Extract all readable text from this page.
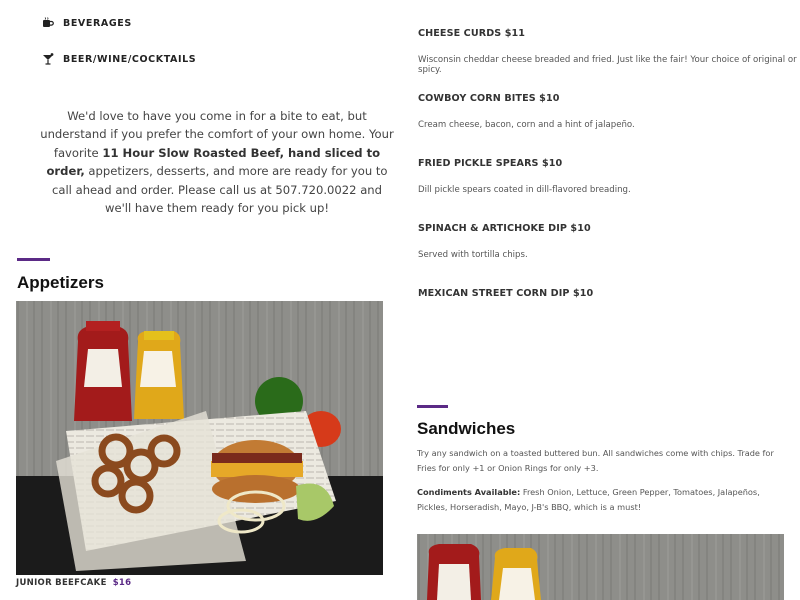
BEVERAGES
BEER/WINE/COCKTAILS
We'd love to have you come in for a bite to eat, but understand if you prefer the comfort of your own home. Your favorite 11 Hour Slow Roasted Beef, hand sliced to order, appetizers, desserts, and more are ready for you to call ahead and order. Please call us at 507.720.0022 and we'll have them ready for you pick up!
Appetizers
JUNIOR BEEFCAKE $16
CHEESE CURDS $11
Wisconsin cheddar cheese breaded and fried. Just like the fair! Your choice of original or spicy.
COWBOY CORN BITES $10
Cream cheese, bacon, corn and a hint of jalapeño.
FRIED PICKLE SPEARS $10
Dill pickle spears coated in dill-flavored breading.
SPINACH & ARTICHOKE DIP $10
Served with tortilla chips.
MEXICAN STREET CORN DIP $10
Sandwiches
Try any sandwich on a toasted buttered bun. All sandwiches come with chips. Trade for Fries for only +1 or Onion Rings for only +3.
Condiments Available: Fresh Onion, Lettuce, Green Pepper, Tomatoes, Jalapeños, Pickles, Horseradish, Mayo, J-B's BBQ, which is a must!
